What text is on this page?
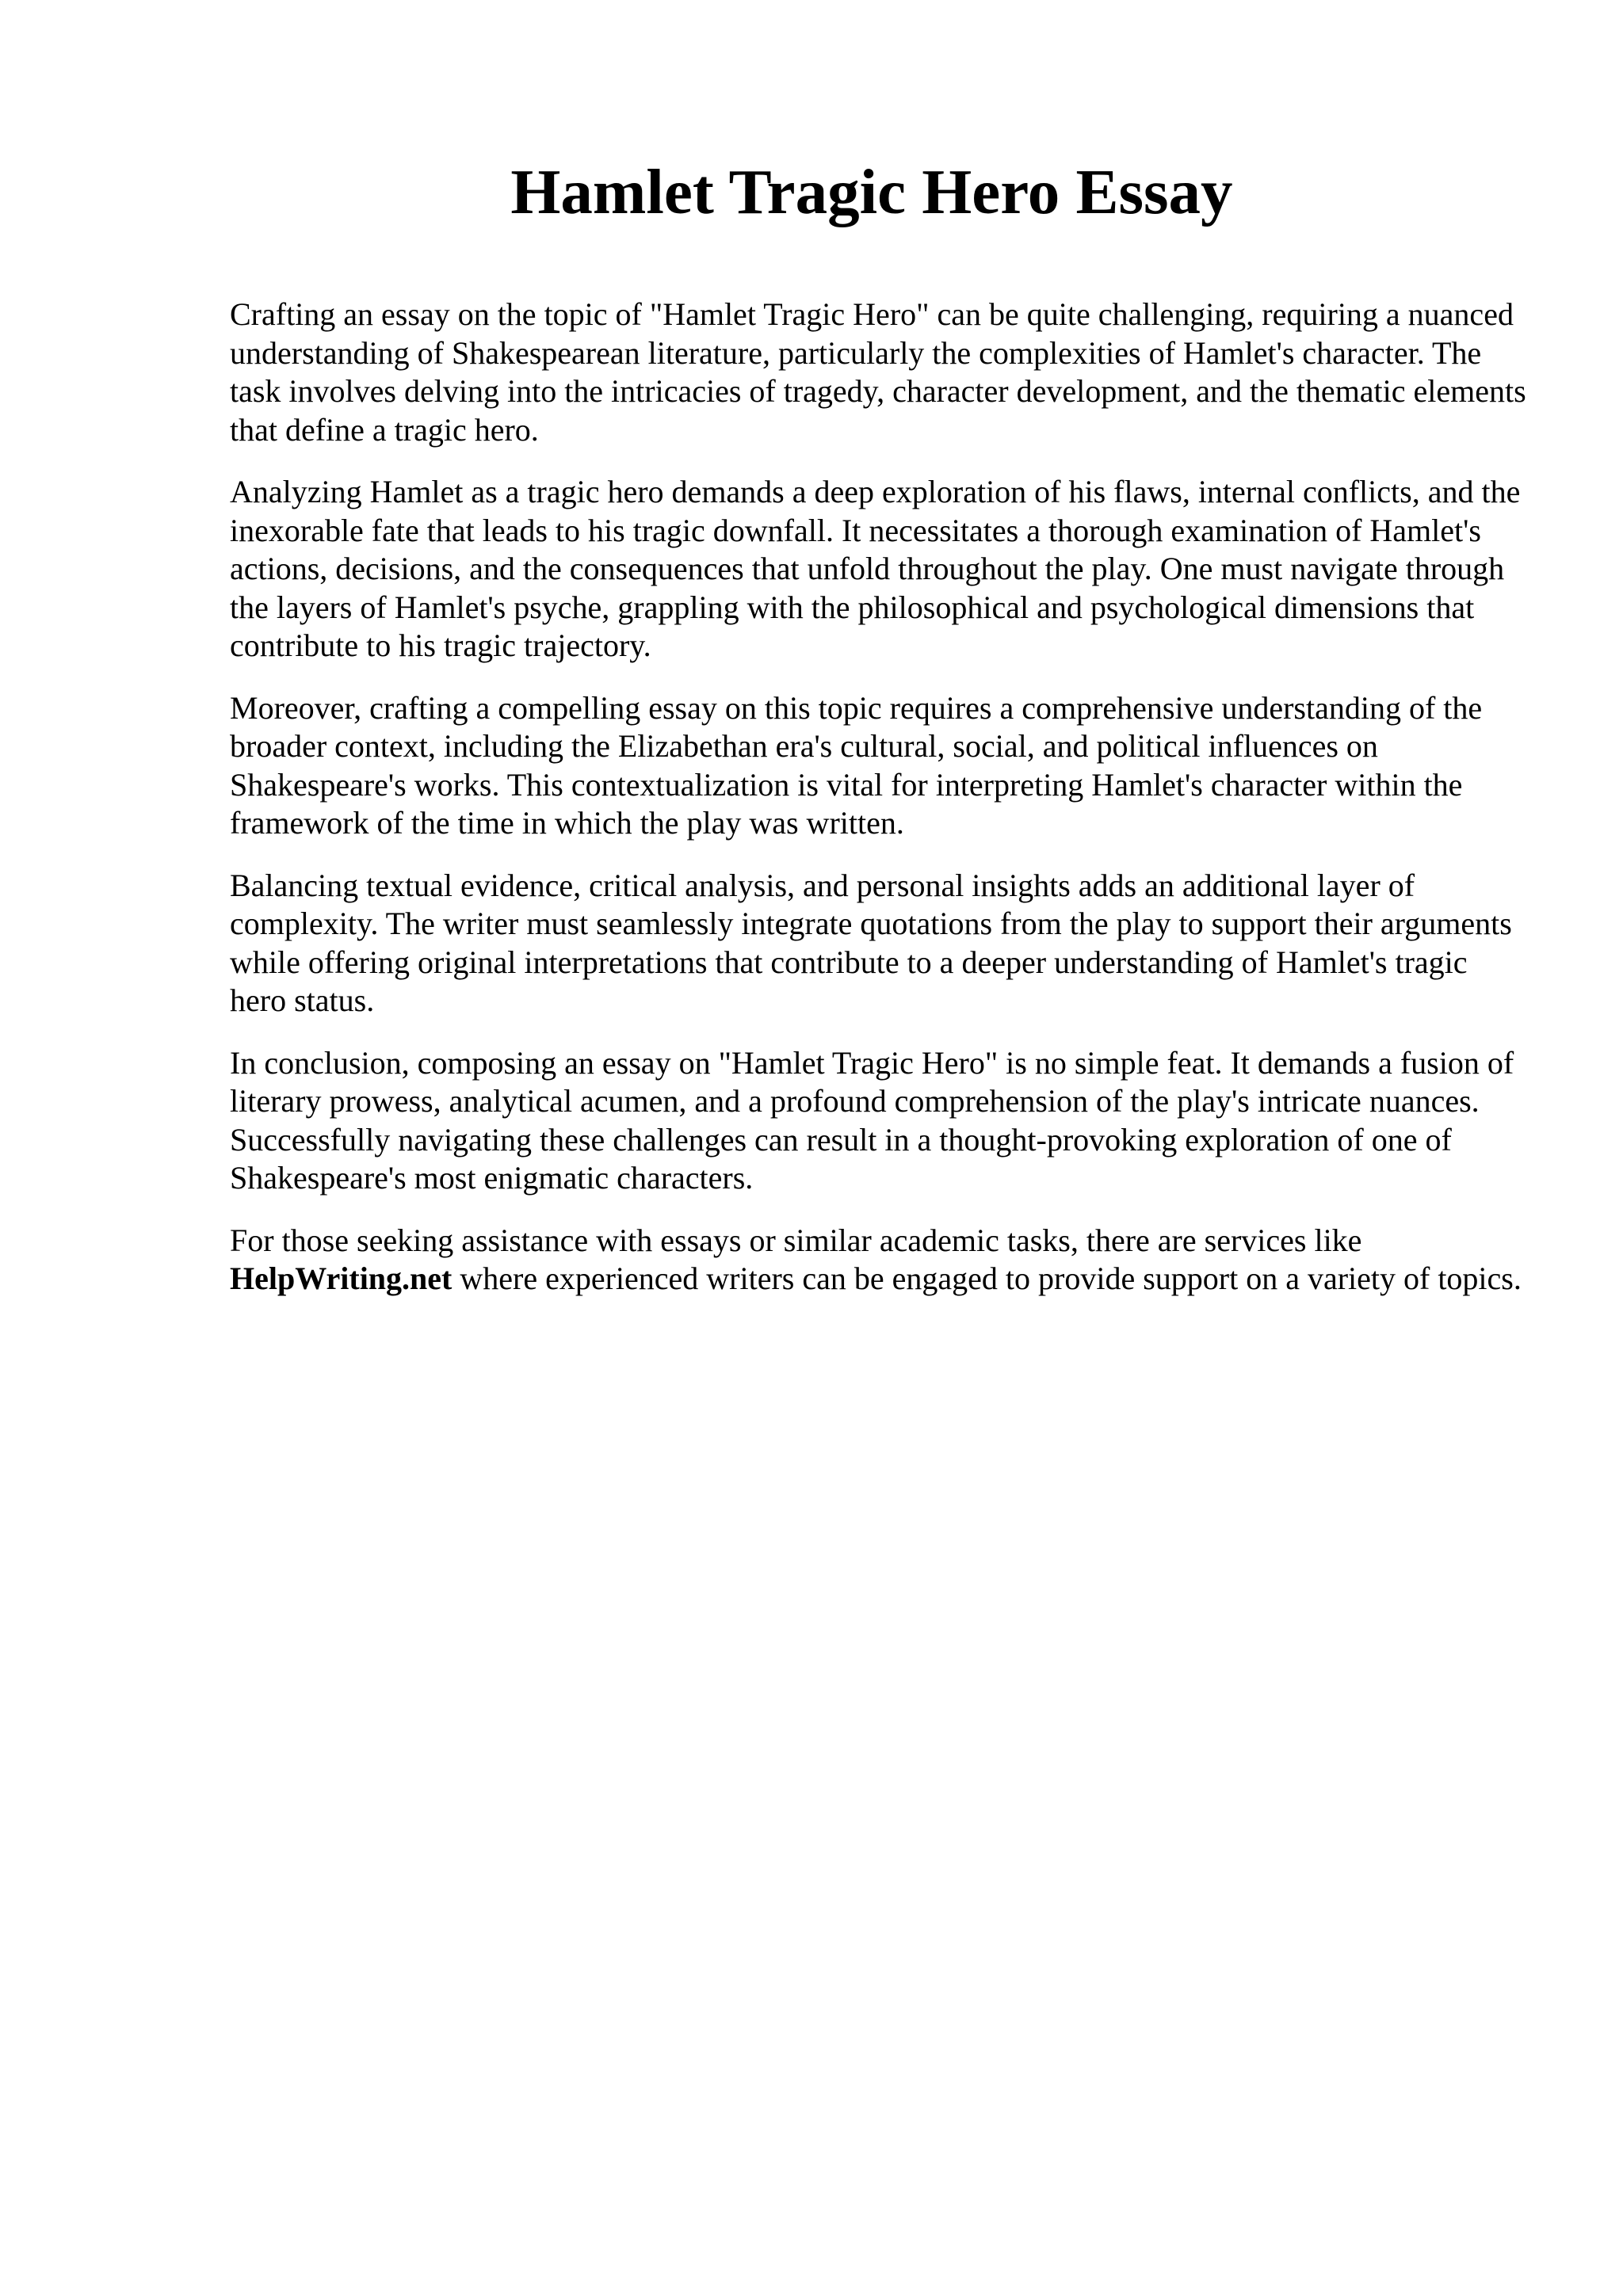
Hamlet Tragic Hero Essay

Crafting an essay on the topic of "Hamlet Tragic Hero" can be quite challenging, requiring a nuanced understanding of Shakespearean literature, particularly the complexities of Hamlet's character. The task involves delving into the intricacies of tragedy, character development, and the thematic elements that define a tragic hero.

Analyzing Hamlet as a tragic hero demands a deep exploration of his flaws, internal conflicts, and the inexorable fate that leads to his tragic downfall. It necessitates a thorough examination of Hamlet's actions, decisions, and the consequences that unfold throughout the play. One must navigate through the layers of Hamlet's psyche, grappling with the philosophical and psychological dimensions that contribute to his tragic trajectory.

Moreover, crafting a compelling essay on this topic requires a comprehensive understanding of the broader context, including the Elizabethan era's cultural, social, and political influences on Shakespeare's works. This contextualization is vital for interpreting Hamlet's character within the framework of the time in which the play was written.

Balancing textual evidence, critical analysis, and personal insights adds an additional layer of complexity. The writer must seamlessly integrate quotations from the play to support their arguments while offering original interpretations that contribute to a deeper understanding of Hamlet's tragic hero status.

In conclusion, composing an essay on "Hamlet Tragic Hero" is no simple feat. It demands a fusion of literary prowess, analytical acumen, and a profound comprehension of the play's intricate nuances. Successfully navigating these challenges can result in a thought-provoking exploration of one of Shakespeare's most enigmatic characters.

For those seeking assistance with essays or similar academic tasks, there are services like HelpWriting.net where experienced writers can be engaged to provide support on a variety of topics.
